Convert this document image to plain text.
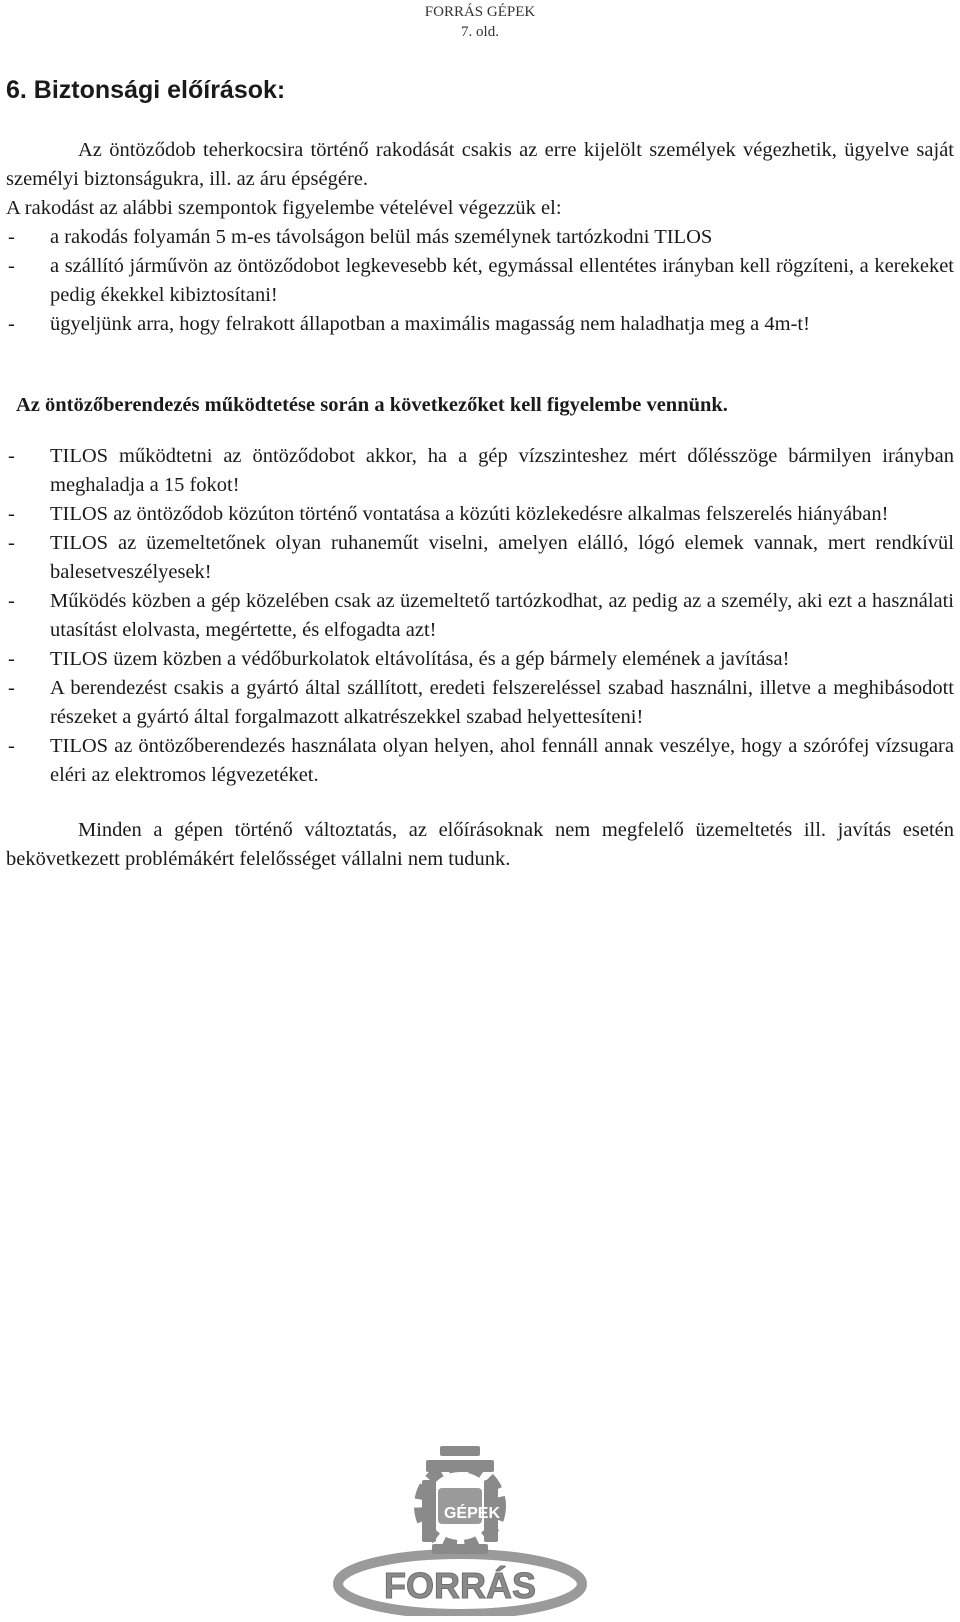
FORRÁS GÉPEK
7. old.
6. Biztonsági előírások:

Az öntöződob teherkocsira történő rakodását csakis az erre kijelölt személyek végezhetik, ügyelve saját személyi biztonságukra, ill. az áru épségére.

A rakodást az alábbi szempontok figyelembe vételével végezzük el:

-	a rakodás folyamán 5 m-es távolságon belül más személynek tartózkodni TILOS
-	a szállító járművön az öntöződobot legkevesebb két, egymással ellentétes irányban kell rögzíteni, a kerekeket pedig ékekkel kibiztosítani!
-	ügyeljünk arra, hogy felrakott állapotban a maximális magasság nem haladhatja meg a 4m-t!

Az öntözőberendezés működtetése során a következőket kell figyelembe vennünk.

-	TILOS működtetni az öntöződobot akkor, ha a gép vízszinteshez mért dőlésszöge bármilyen irányban meghaladja a 15 fokot!
-	TILOS az öntöződob közúton történő vontatása a közúti közlekedésre alkalmas felszerelés hiányában!
-	TILOS az üzemeltetőnek olyan ruhaneműt viselni, amelyen elálló, lógó elemek vannak, mert rendkívül balesetveszélyesek!
-	Működés közben a gép közelében csak az üzemeltető tartózkodhat, az pedig az a személy, aki ezt a használati utasítást elolvasta, megértette, és elfogadta azt!
-	TILOS üzem közben a védőburkolatok eltávolítása, és a gép bármely elemének a javítása!
-	A berendezést csakis a gyártó által szállított, eredeti felszereléssel szabad használni, illetve a meghibásodott részeket a gyártó által forgalmazott alkatrészekkel szabad helyettesíteni!
-	TILOS az öntözőberendezés használata olyan helyen, ahol fennáll annak veszélye, hogy a szórófej vízsugara eléri az elektromos légvezetéket.

Minden a gépen történő változtatás, az előírásoknak nem megfelelő üzemeltetés ill. javítás esetén bekövetkezett problémákért felelősséget vállalni nem tudunk.

GÉPEK
FORRÁS
